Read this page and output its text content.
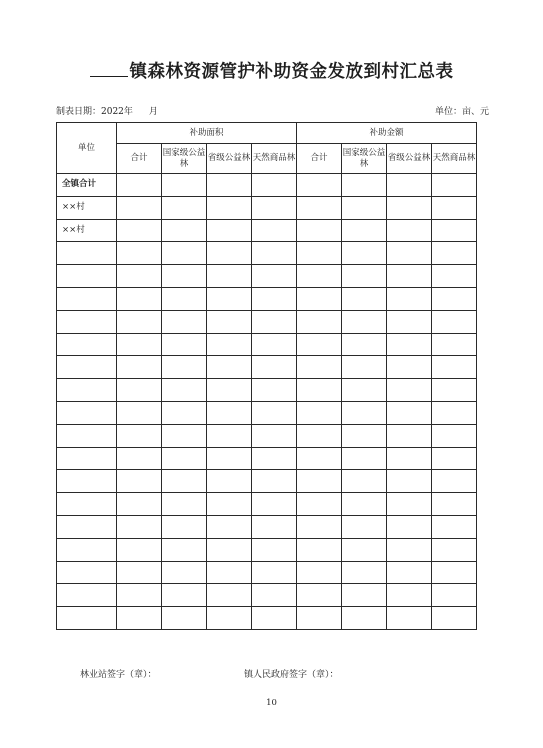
镇森林资源管护补助资金发放到村汇总表
制表日期：2022年 月	单位：亩、元
单位	补助面积				补助金额			
	合计	国家级公益林	省级公益林	天然商品林	合计	国家级公益林	省级公益林	天然商品林
全镇合计								
××村								
××村								

林业站签字（章）：	镇人民政府签字（章）：
10
